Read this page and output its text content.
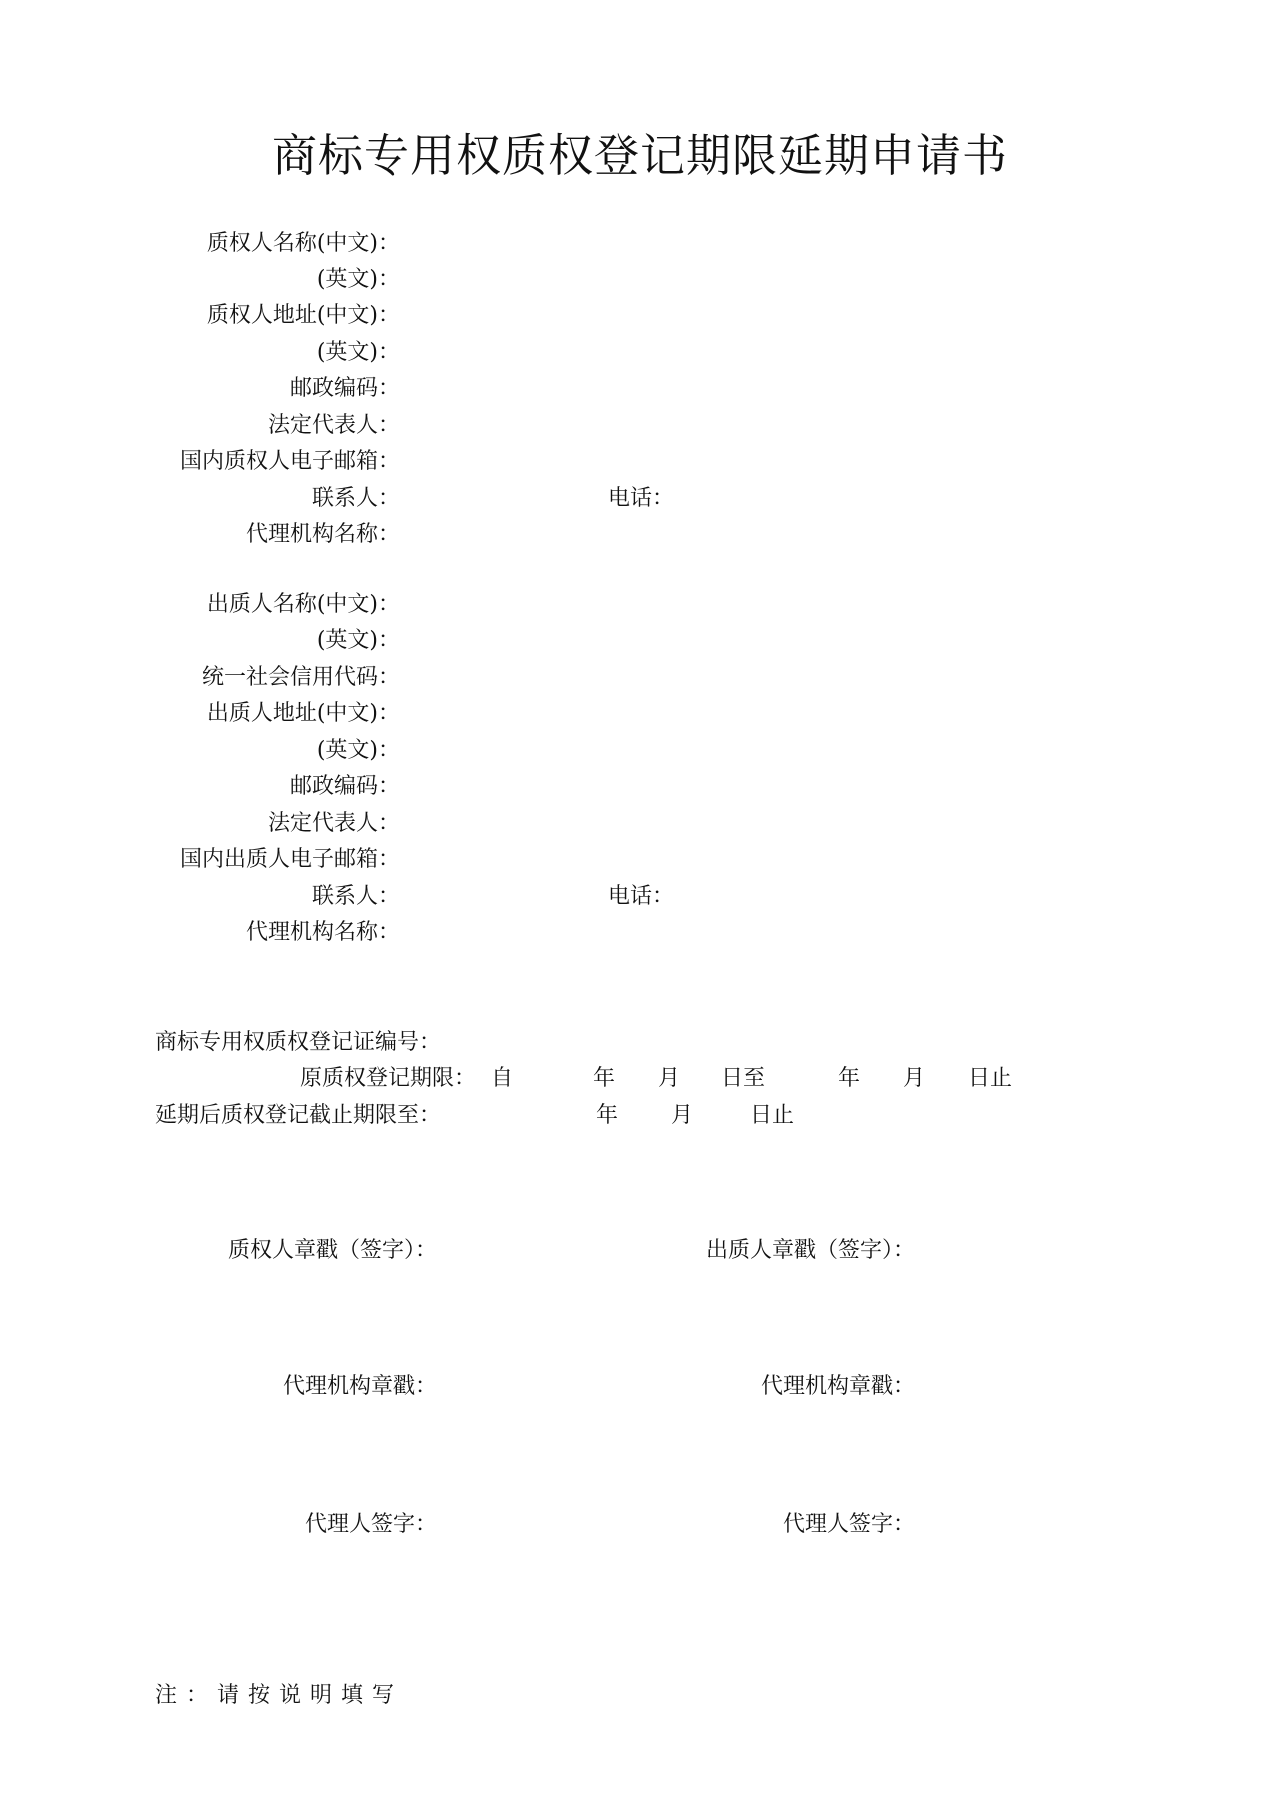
商标专用权质权登记期限延期申请书
质权人名称(中文)：
(英文)：
质权人地址(中文)：
(英文)：
邮政编码：
法定代表人：
国内质权人电子邮箱：
联系人：	电话：
代理机构名称：
出质人名称(中文)：
(英文)：
统一社会信用代码：
出质人地址(中文)：
(英文)：
邮政编码：
法定代表人：
国内出质人电子邮箱：
联系人：	电话：
代理机构名称：
商标专用权质权登记证编号：
原质权登记期限： 自	年 月 日至	年 月 日止
延期后质权登记截止期限至：	年 月	日止
质权人章戳（签字）：	出质人章戳（签字）：
代理机构章戳：	代理机构章戳：
代理人签字：	代理人签字：
注：请按说明填写
